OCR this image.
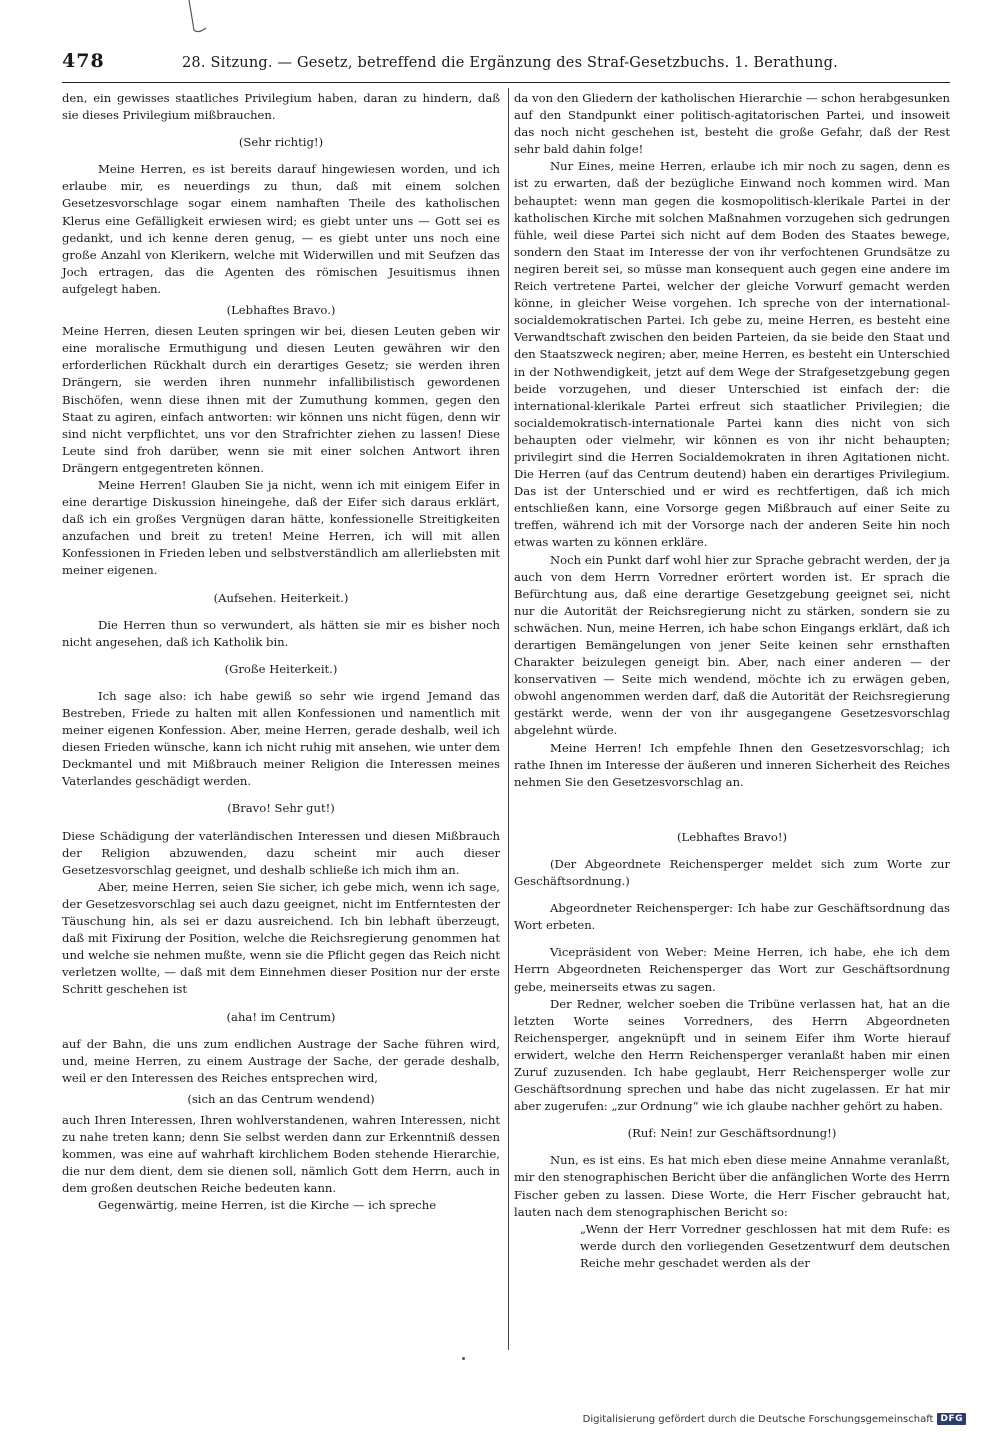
478	28. Sitzung. — Gesetz, betreffend die Ergänzung des Straf-Gesetzbuchs. 1. Berathung.

den, ein gewisses staatliches Privilegium haben, daran zu hindern, daß sie dieses Privilegium mißbrauchen.

(Sehr richtig!)

Meine Herren, es ist bereits darauf hingewiesen worden, und ich erlaube mir, es neuerdings zu thun, daß mit einem solchen Gesetzesvorschlage sogar einem namhaften Theile des katholischen Klerus eine Gefälligkeit erwiesen wird; es giebt unter uns — Gott sei es gedankt, und ich kenne deren genug, — es giebt unter uns noch eine große Anzahl von Klerikern, welche mit Widerwillen und mit Seufzen das Joch ertragen, das die Agenten des römischen Jesuitismus ihnen aufgelegt haben.

(Lebhaftes Bravo.)

Meine Herren, diesen Leuten springen wir bei, diesen Leuten geben wir eine moralische Ermuthigung und diesen Leuten gewähren wir den erforderlichen Rückhalt durch ein derartiges Gesetz; sie werden ihren Drängern, sie werden ihren nunmehr infallibilistisch gewordenen Bischöfen, wenn diese ihnen mit der Zumuthung kommen, gegen den Staat zu agiren, einfach antworten: wir können uns nicht fügen, denn wir sind nicht verpflichtet, uns vor den Strafrichter ziehen zu lassen! Diese Leute sind froh darüber, wenn sie mit einer solchen Antwort ihren Drängern entgegentreten können.

Meine Herren! Glauben Sie ja nicht, wenn ich mit einigem Eifer in eine derartige Diskussion hineingehe, daß der Eifer sich daraus erklärt, daß ich ein großes Vergnügen daran hätte, konfessionelle Streitigkeiten anzufachen und breit zu treten! Meine Herren, ich will mit allen Konfessionen in Frieden leben und selbstverständlich am allerliebsten mit meiner eigenen.

(Aufsehen. Heiterkeit.)

Die Herren thun so verwundert, als hätten sie mir es bisher noch nicht angesehen, daß ich Katholik bin.

(Große Heiterkeit.)

Ich sage also: ich habe gewiß so sehr wie irgend Jemand das Bestreben, Friede zu halten mit allen Konfessionen und namentlich mit meiner eigenen Konfession. Aber, meine Herren, gerade deshalb, weil ich diesen Frieden wünsche, kann ich nicht ruhig mit ansehen, wie unter dem Deckmantel und mit Mißbrauch meiner Religion die Interessen meines Vaterlandes geschädigt werden.

(Bravo! Sehr gut!)

Diese Schädigung der vaterländischen Interessen und diesen Mißbrauch der Religion abzuwenden, dazu scheint mir auch dieser Gesetzesvorschlag geeignet, und deshalb schließe ich mich ihm an.

Aber, meine Herren, seien Sie sicher, ich gebe mich, wenn ich sage, der Gesetzesvorschlag sei auch dazu geeignet, nicht im Entferntesten der Täuschung hin, als sei er dazu ausreichend. Ich bin lebhaft überzeugt, daß mit Fixirung der Position, welche die Reichsregierung genommen hat und welche sie nehmen mußte, wenn sie die Pflicht gegen das Reich nicht verletzen wollte, — daß mit dem Einnehmen dieser Position nur der erste Schritt geschehen ist

(aha! im Centrum)

auf der Bahn, die uns zum endlichen Austrage der Sache führen wird, und, meine Herren, zu einem Austrage der Sache, der gerade deshalb, weil er den Interessen des Reiches entsprechen wird,

(sich an das Centrum wendend)

auch Ihren Interessen, Ihren wohlverstandenen, wahren Interessen, nicht zu nahe treten kann; denn Sie selbst werden dann zur Erkenntniß dessen kommen, was eine auf wahrhaft kirchlichem Boden stehende Hierarchie, die nur dem dient, dem sie dienen soll, nämlich Gott dem Herrn, auch in dem großen deutschen Reiche bedeuten kann.

Gegenwärtig, meine Herren, ist die Kirche — ich spreche

da von den Gliedern der katholischen Hierarchie — schon herabgesunken auf den Standpunkt einer politisch-agitatorischen Partei, und insoweit das noch nicht geschehen ist, besteht die große Gefahr, daß der Rest sehr bald dahin folge!

Nur Eines, meine Herren, erlaube ich mir noch zu sagen, denn es ist zu erwarten, daß der bezügliche Einwand noch kommen wird. Man behauptet: wenn man gegen die kosmopolitisch-klerikale Partei in der katholischen Kirche mit solchen Maßnahmen vorzugehen sich gedrungen fühle, weil diese Partei sich nicht auf dem Boden des Staates bewege, sondern den Staat im Interesse der von ihr verfochtenen Grundsätze zu negiren bereit sei, so müsse man konsequent auch gegen eine andere im Reich vertretene Partei, welcher der gleiche Vorwurf gemacht werden könne, in gleicher Weise vorgehen. Ich spreche von der international-socialdemokratischen Partei. Ich gebe zu, meine Herren, es besteht eine Verwandtschaft zwischen den beiden Parteien, da sie beide den Staat und den Staatszweck negiren; aber, meine Herren, es besteht ein Unterschied in der Nothwendigkeit, jetzt auf dem Wege der Strafgesetzgebung gegen beide vorzugehen, und dieser Unterschied ist einfach der: die international-klerikale Partei erfreut sich staatlicher Privilegien; die socialdemokratisch-internationale Partei kann dies nicht von sich behaupten oder vielmehr, wir können es von ihr nicht behaupten; privilegirt sind die Herren Socialdemokraten in ihren Agitationen nicht. Die Herren (auf das Centrum deutend) haben ein derartiges Privilegium. Das ist der Unterschied und er wird es rechtfertigen, daß ich mich entschließen kann, eine Vorsorge gegen Mißbrauch auf einer Seite zu treffen, während ich mit der Vorsorge nach der anderen Seite hin noch etwas warten zu können erkläre.

Noch ein Punkt darf wohl hier zur Sprache gebracht werden, der ja auch von dem Herrn Vorredner erörtert worden ist. Er sprach die Befürchtung aus, daß eine derartige Gesetzgebung geeignet sei, nicht nur die Autorität der Reichsregierung nicht zu stärken, sondern sie zu schwächen. Nun, meine Herren, ich habe schon Eingangs erklärt, daß ich derartigen Bemängelungen von jener Seite keinen sehr ernsthaften Charakter beizulegen geneigt bin. Aber, nach einer anderen — der konservativen — Seite mich wendend, möchte ich zu erwägen geben, obwohl angenommen werden darf, daß die Autorität der Reichsregierung gestärkt werde, wenn der von ihr ausgegangene Gesetzesvorschlag abgelehnt würde.

Meine Herren! Ich empfehle Ihnen den Gesetzesvorschlag; ich rathe Ihnen im Interesse der äußeren und inneren Sicherheit des Reiches nehmen Sie den Gesetzesvorschlag an.

(Lebhaftes Bravo!)

(Der Abgeordnete Reichensperger meldet sich zum Worte zur Geschäftsordnung.)

Abgeordneter Reichensperger: Ich habe zur Geschäftsordnung das Wort erbeten.

Vicepräsident von Weber: Meine Herren, ich habe, ehe ich dem Herrn Abgeordneten Reichensperger das Wort zur Geschäftsordnung gebe, meinerseits etwas zu sagen.

Der Redner, welcher soeben die Tribüne verlassen hat, hat an die letzten Worte seines Vorredners, des Herrn Abgeordneten Reichensperger, angeknüpft und in seinem Eifer ihm Worte hierauf erwidert, welche den Herrn Reichensperger veranlaßt haben mir einen Zuruf zuzusenden. Ich habe geglaubt, Herr Reichensperger wolle zur Geschäftsordnung sprechen und habe das nicht zugelassen. Er hat mir aber zugerufen: „zur Ordnung“ wie ich glaube nachher gehört zu haben.

(Ruf: Nein! zur Geschäftsordnung!)

Nun, es ist eins. Es hat mich eben diese meine Annahme veranlaßt, mir den stenographischen Bericht über die anfänglichen Worte des Herrn Fischer geben zu lassen. Diese Worte, die Herr Fischer gebraucht hat, lauten nach dem stenographischen Bericht so:

„Wenn der Herr Vorredner geschlossen hat mit dem Rufe: es werde durch den vorliegenden Gesetzentwurf dem deutschen Reiche mehr geschadet werden als der

Digitalisierung gefördert durch die Deutsche Forschungsgemeinschaft DFG
